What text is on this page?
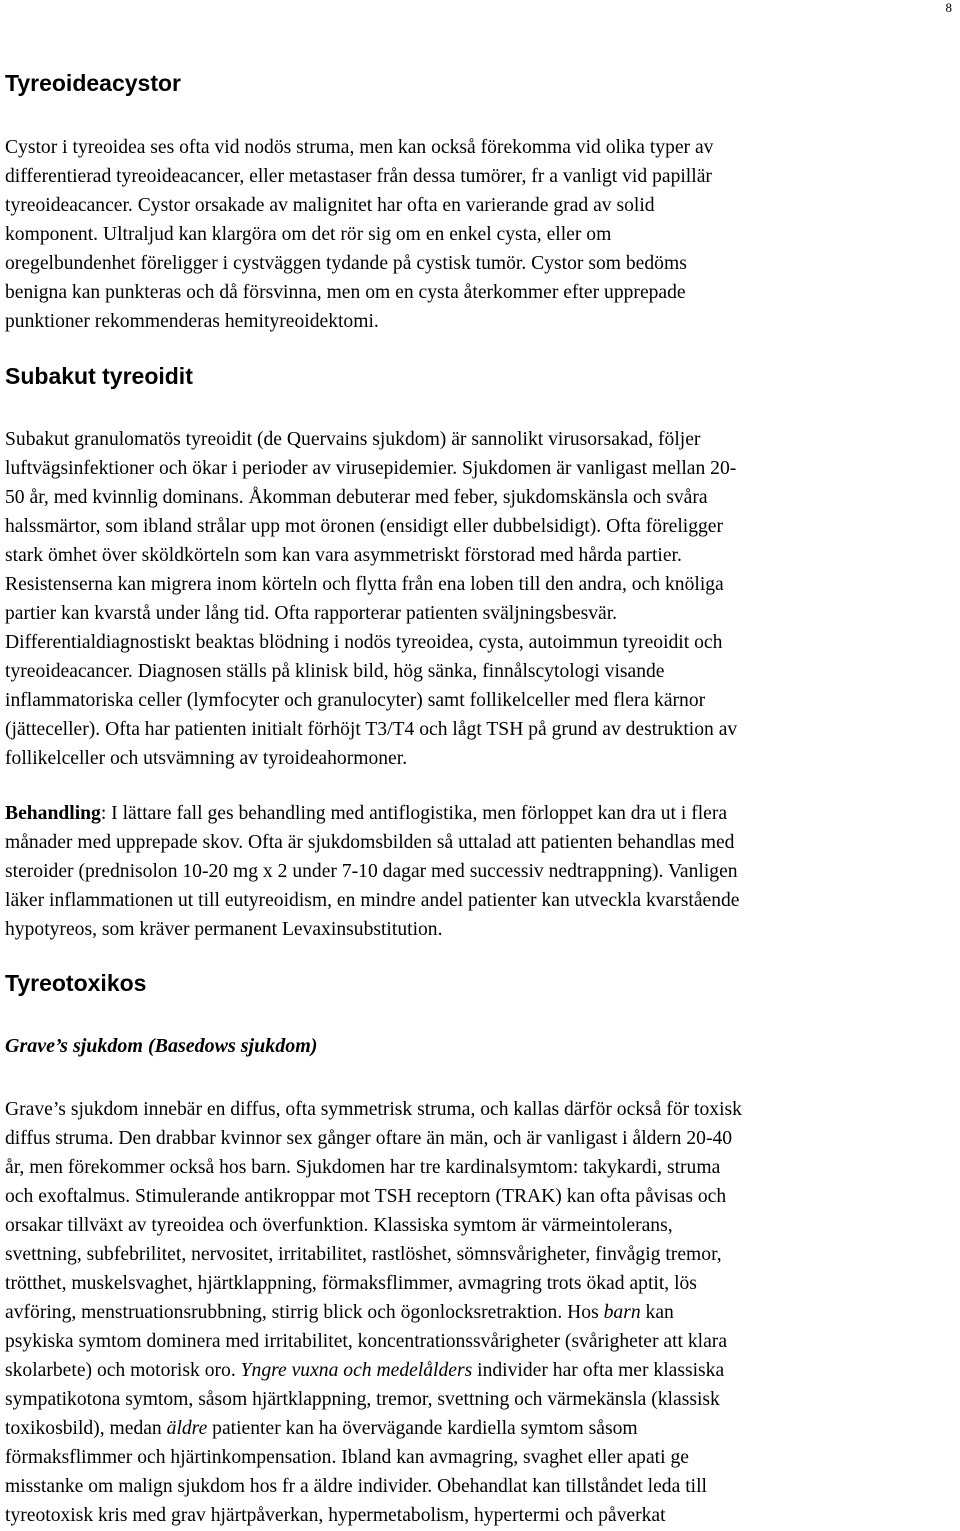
8
Tyreoideacystor
Cystor i tyreoidea ses ofta vid nodös struma, men kan också förekomma vid olika typer av
differentierad tyreoideacancer, eller metastaser från dessa tumörer, fr a vanligt vid papillär
tyreoideacancer. Cystor orsakade av malignitet har ofta en varierande grad av solid
komponent. Ultraljud kan klargöra om det rör sig om en enkel cysta, eller om
oregelbundenhet föreligger i cystväggen tydande på cystisk tumör. Cystor som bedöms
benigna kan punkteras och då försvinna, men om en cysta återkommer efter upprepade
punktioner rekommenderas hemityreoidektomi.
Subakut tyreoidit
Subakut granulomatös tyreoidit (de Quervains sjukdom) är sannolikt virusorsakad, följer
luftvägsinfektioner och ökar i perioder av virusepidemier. Sjukdomen är vanligast mellan 20-
50 år, med kvinnlig dominans. Åkomman debuterar med feber, sjukdomskänsla och svåra
halssmärtor, som ibland strålar upp mot öronen (ensidigt eller dubbelsidigt). Ofta föreligger
stark ömhet över sköldkörteln som kan vara asymmetriskt förstorad med hårda partier.
Resistenserna kan migrera inom körteln och flytta från ena loben till den andra, och knöliga
partier kan kvarstå under lång tid. Ofta rapporterar patienten sväljningsbesvär.
Differentialdiagnostiskt beaktas blödning i nodös tyreoidea, cysta, autoimmun tyreoidit och
tyreoideacancer. Diagnosen ställs på klinisk bild, hög sänka, finnålscytologi visande
inflammatoriska celler (lymfocyter och granulocyter) samt follikelceller med flera kärnor
(jätteceller). Ofta har patienten initialt förhöjt T3/T4 och lågt TSH på grund av destruktion av
follikelceller och utsvämning av tyroideahormoner.
Behandling: I lättare fall ges behandling med antiflogistika, men förloppet kan dra ut i flera
månader med upprepade skov. Ofta är sjukdomsbilden så uttalad att patienten behandlas med
steroider (prednisolon 10-20 mg x 2 under 7-10 dagar med successiv nedtrappning). Vanligen
läker inflammationen ut till eutyreoidism, en mindre andel patienter kan utveckla kvarstående
hypotyreos, som kräver permanent Levaxinsubstitution.
Tyreotoxikos
Grave’s sjukdom (Basedows sjukdom)
Grave’s sjukdom innebär en diffus, ofta symmetrisk struma, och kallas därför också för toxisk
diffus struma. Den drabbar kvinnor sex gånger oftare än män, och är vanligast i åldern 20-40
år, men förekommer också hos barn. Sjukdomen har tre kardinalsymtom: takykardi, struma
och exoftalmus. Stimulerande antikroppar mot TSH receptorn (TRAK) kan ofta påvisas och
orsakar tillväxt av tyreoidea och överfunktion. Klassiska symtom är värmeintolerans,
svettning, subfebrilitet, nervositet, irritabilitet, rastlöshet, sömnsvårigheter, finvågig tremor,
trötthet, muskelsvaghet, hjärtklappning, förmaksflimmer, avmagring trots ökad aptit, lös
avföring, menstruationsrubbning, stirrig blick och ögonlocksretraktion. Hos barn kan
psykiska symtom dominera med irritabilitet, koncentrationssvårigheter (svårigheter att klara
skolarbete) och motorisk oro. Yngre vuxna och medelålders individer har ofta mer klassiska
sympatikotona symtom, såsom hjärtklappning, tremor, svettning och värmekänsla (klassisk
toxikosbild), medan äldre patienter kan ha övervägande kardiella symtom såsom
förmaksflimmer och hjärtinkompensation. Ibland kan avmagring, svaghet eller apati ge
misstanke om malign sjukdom hos fr a äldre individer. Obehandlat kan tillståndet leda till
tyreotoxisk kris med grav hjärtpåverkan, hypermetabolism, hypertermi och påverkat
